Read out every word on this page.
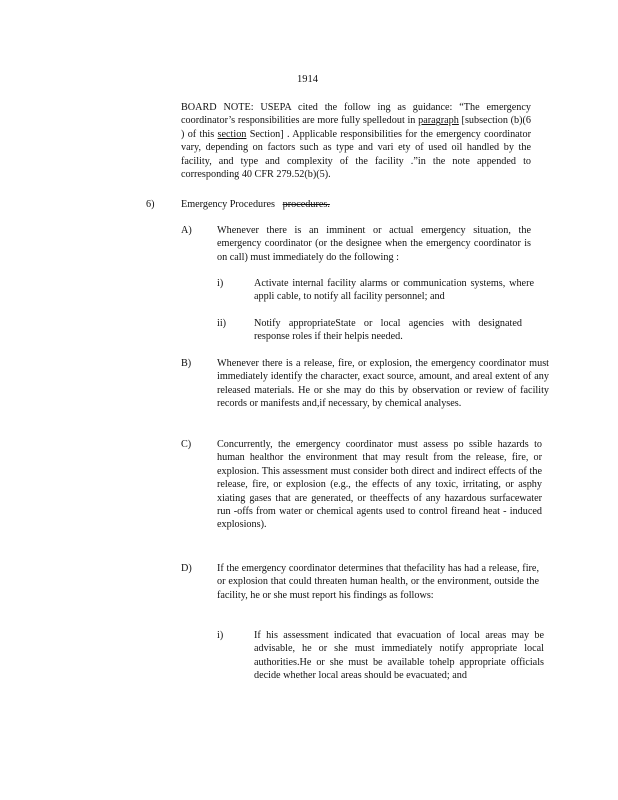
1914
BOARD NOTE: USEPA cited the follow ing as guidance: “The emergency coordinator’s responsibilities are more fully spelledout in paragraph [subsection (b)(6 ) of this section Section] . Applicable responsibilities for the emergency coordinator vary, depending on factors such as type and vari ety of used oil handled by the facility, and type and complexity of the facility .”in the note appended to corresponding 40 CFR 279.52(b)(5).
6)	Emergency Procedures procedures.
A) Whenever there is an imminent or actual emergency situation, the emergency coordinator (or the designee when the emergency coordinator is on call) must immediately do the following :
i)	Activate internal facility alarms or communication systems, where appli cable, to notify all facility personnel; and
ii)	Notify appropriateState or local agencies with designated response roles if their helpis needed.
B)	Whenever there is a release, fire, or explosion, the emergency coordinator must immediately identify the character, exact source, amount, and areal extent of any released materials. He or she may do this by observation or review of facility records or manifests and,if necessary, by chemical analyses.
C)	Concurrently, the emergency coordinator must assess po ssible hazards to human healthor the environment that may result from the release, fire, or explosion. This assessment must consider both direct and indirect effects of the release, fire, or explosion (e.g., the effects of any toxic, irritating, or asphy xiating gases that are generated, or theeffects of any hazardous surfacewater run -offs from water or chemical agents used to control fireand heat - induced explosions).
D) If the emergency coordinator determines that thefacility has had a release, fire, or explosion that could threaten human health, or the environment, outside the facility, he or she must report his findings as follows:
i)	If his assessment indicated that evacuation of local areas may be advisable, he or she must immediately notify appropriate local authorities.He or she must be available tohelp appropriate officials decide whether local areas should be evacuated; and
